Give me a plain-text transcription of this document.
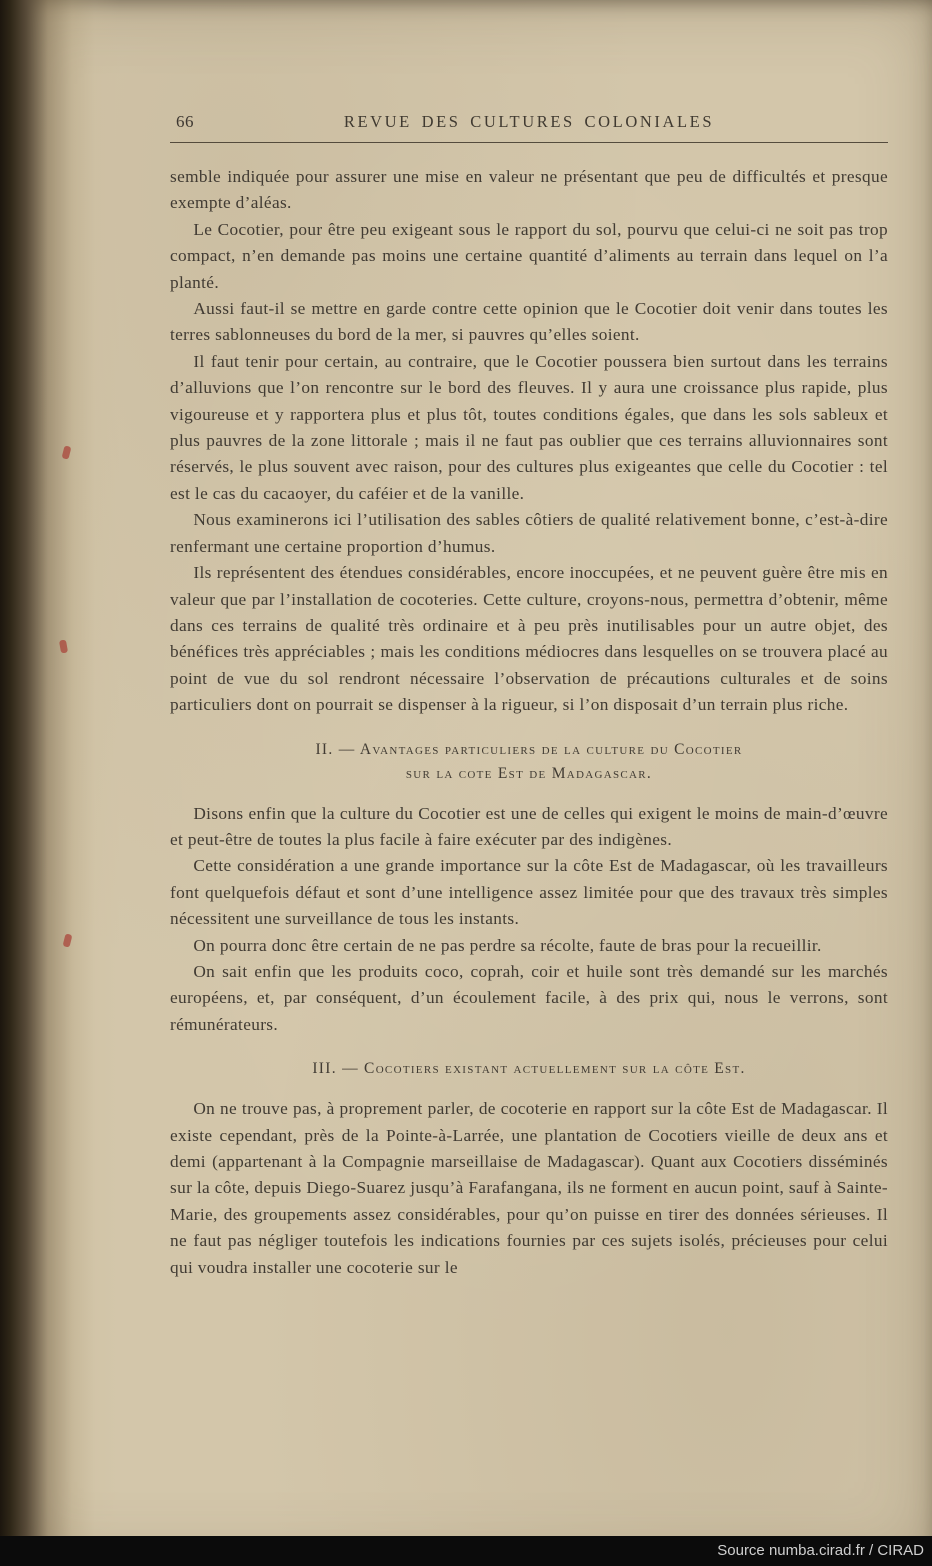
66	REVUE DES CULTURES COLONIALES

semble indiquée pour assurer une mise en valeur ne présentant que peu de difficultés et presque exempte d’aléas.

Le Cocotier, pour être peu exigeant sous le rapport du sol, pourvu que celui-ci ne soit pas trop compact, n’en demande pas moins une certaine quantité d’aliments au terrain dans lequel on l’a planté.

Aussi faut-il se mettre en garde contre cette opinion que le Cocotier doit venir dans toutes les terres sablonneuses du bord de la mer, si pauvres qu’elles soient.

Il faut tenir pour certain, au contraire, que le Cocotier poussera bien surtout dans les terrains d’alluvions que l’on rencontre sur le bord des fleuves. Il y aura une croissance plus rapide, plus vigoureuse et y rapportera plus et plus tôt, toutes conditions égales, que dans les sols sableux et plus pauvres de la zone littorale ; mais il ne faut pas oublier que ces terrains alluvionnaires sont réservés, le plus souvent avec raison, pour des cultures plus exigeantes que celle du Cocotier : tel est le cas du cacaoyer, du caféier et de la vanille.

Nous examinerons ici l’utilisation des sables côtiers de qualité relativement bonne, c’est-à-dire renfermant une certaine proportion d’humus.

Ils représentent des étendues considérables, encore inoccupées, et ne peuvent guère être mis en valeur que par l’installation de cocoteries. Cette culture, croyons-nous, permettra d’obtenir, même dans ces terrains de qualité très ordinaire et à peu près inutilisables pour un autre objet, des bénéfices très appréciables ; mais les conditions médiocres dans lesquelles on se trouvera placé au point de vue du sol rendront nécessaire l’observation de précautions culturales et de soins particuliers dont on pourrait se dispenser à la rigueur, si l’on disposait d’un terrain plus riche.

II. — Avantages particuliers de la culture du Cocotier
sur la cote Est de Madagascar.

Disons enfin que la culture du Cocotier est une de celles qui exigent le moins de main-d’œuvre et peut-être de toutes la plus facile à faire exécuter par des indigènes.

Cette considération a une grande importance sur la côte Est de Madagascar, où les travailleurs font quelquefois défaut et sont d’une intelligence assez limitée pour que des travaux très simples nécessitent une surveillance de tous les instants.

On pourra donc être certain de ne pas perdre sa récolte, faute de bras pour la recueillir.

On sait enfin que les produits coco, coprah, coir et huile sont très demandé sur les marchés européens, et, par conséquent, d’un écoulement facile, à des prix qui, nous le verrons, sont rémunérateurs.

III. — Cocotiers existant actuellement sur la côte Est.

On ne trouve pas, à proprement parler, de cocoterie en rapport sur la côte Est de Madagascar. Il existe cependant, près de la Pointe-à-Larrée, une plantation de Cocotiers vieille de deux ans et demi (appartenant à la Compagnie marseillaise de Madagascar). Quant aux Cocotiers disséminés sur la côte, depuis Diego-Suarez jusqu’à Farafangana, ils ne forment en aucun point, sauf à Sainte-Marie, des groupements assez considérables, pour qu’on puisse en tirer des données sérieuses. Il ne faut pas négliger toutefois les indications fournies par ces sujets isolés, précieuses pour celui qui voudra installer une cocoterie sur le

Source numba.cirad.fr / CIRAD
